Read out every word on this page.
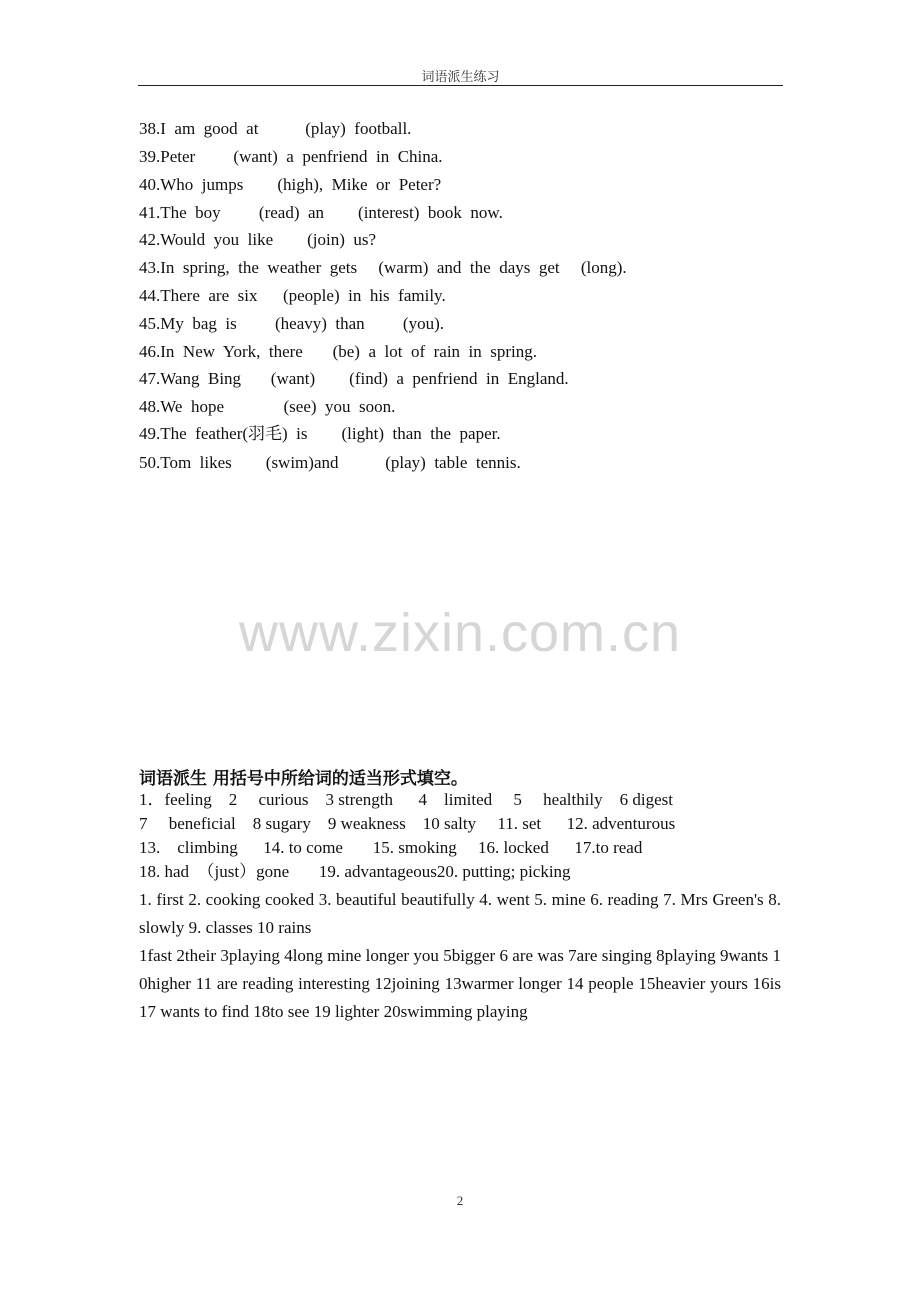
词语派生练习
38.I  am  good  at           (play)  football.
39.Peter         (want)  a  penfriend  in  China.
40.Who  jumps        (high),  Mike  or  Peter?
41.The  boy         (read)  an        (interest)  book  now.
42.Would  you  like        (join)  us?
43.In  spring,  the  weather  gets     (warm)  and  the  days  get     (long).
44.There  are  six      (people)  in  his  family.
45.My  bag  is         (heavy)  than         (you).
46.In  New  York,  there       (be)  a  lot  of  rain  in  spring.
47.Wang  Bing       (want)        (find)  a  penfriend  in  England.
48.We  hope              (see)  you  soon.
49.The  feather(羽毛)  is        (light)  than  the  paper.
50.Tom  likes        (swim)and           (play)  table  tennis.
www.zixin.com.cn
词语派生 用括号中所给词的适当形式填空。
1．feeling    2     curious    3 strength      4    limited     5     healthily    6 digest
7     beneficial    8 sugary    9 weakness    10 salty     11. set      12. adventurous
13.    climbing      14. to come       15. smoking     16. locked      17.to read
18. had  （just）gone       19. advantageous20. putting; picking
1. first 2. cooking cooked 3. beautiful beautifully 4. went 5. mine 6. reading 7. Mrs Green's 8. slowly 9. classes 10 rains
1fast 2their 3playing 4long mine longer you 5bigger 6 are was 7are singing 8playing 9wants 10higher 11 are reading interesting 12joining 13warmer longer 14 people 15heavier yours 16is 17 wants to find 18to see 19 lighter 20swimming playing
2
